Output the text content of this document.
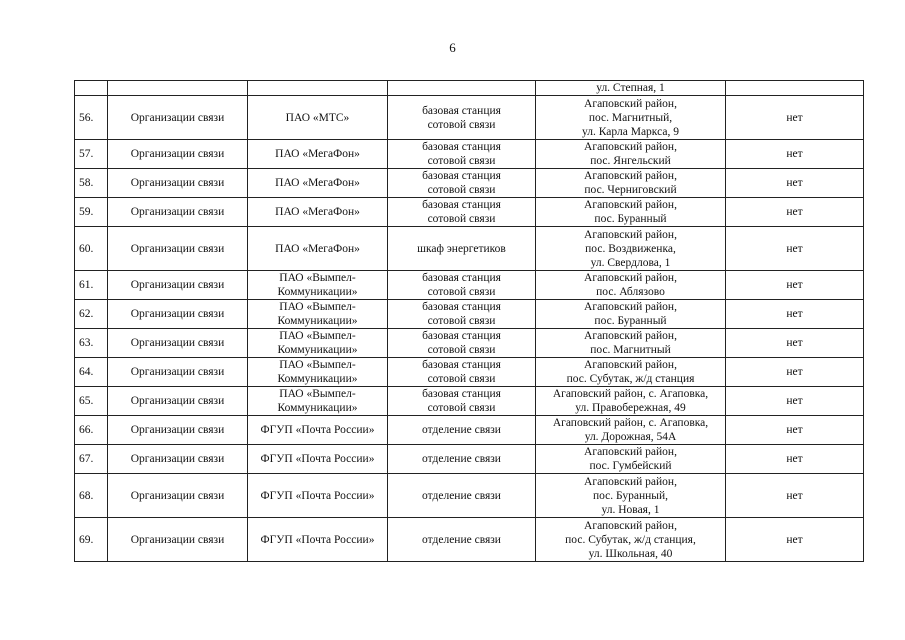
6
				ул. Степная, 1	
56.	Организации связи	ПАО «МТС»	базовая станция
сотовой связи	Агаповский район,
пос. Магнитный,
ул. Карла Маркса, 9	нет
57.	Организации связи	ПАО «МегаФон»	базовая станция
сотовой связи	Агаповский район,
пос. Янгельский	нет
58.	Организации связи	ПАО «МегаФон»	базовая станция
сотовой связи	Агаповский район,
пос. Черниговский	нет
59.	Организации связи	ПАО «МегаФон»	базовая станция
сотовой связи	Агаповский район,
пос. Буранный	нет
60.	Организации связи	ПАО «МегаФон»	шкаф энергетиков	Агаповский район,
пос. Воздвиженка,
ул. Свердлова, 1	нет
61.	Организации связи	ПАО «Вымпел-
Коммуникации»	базовая станция
сотовой связи	Агаповский район,
пос. Аблязово	нет
62.	Организации связи	ПАО «Вымпел-
Коммуникации»	базовая станция
сотовой связи	Агаповский район,
пос. Буранный	нет
63.	Организации связи	ПАО «Вымпел-
Коммуникации»	базовая станция
сотовой связи	Агаповский район,
пос. Магнитный	нет
64.	Организации связи	ПАО «Вымпел-
Коммуникации»	базовая станция
сотовой связи	Агаповский район,
пос. Субутак, ж/д станция	нет
65.	Организации связи	ПАО «Вымпел-
Коммуникации»	базовая станция
сотовой связи	Агаповский район, с. Агаповка,
ул. Правобережная, 49	нет
66.	Организации связи	ФГУП «Почта России»	отделение связи	Агаповский район, с. Агаповка,
ул. Дорожная, 54А	нет
67.	Организации связи	ФГУП «Почта России»	отделение связи	Агаповский район,
пос. Гумбейский	нет
68.	Организации связи	ФГУП «Почта России»	отделение связи	Агаповский район,
пос. Буранный,
ул. Новая, 1	нет
69.	Организации связи	ФГУП «Почта России»	отделение связи	Агаповский район,
пос. Субутак, ж/д станция,
ул. Школьная, 40	нет
